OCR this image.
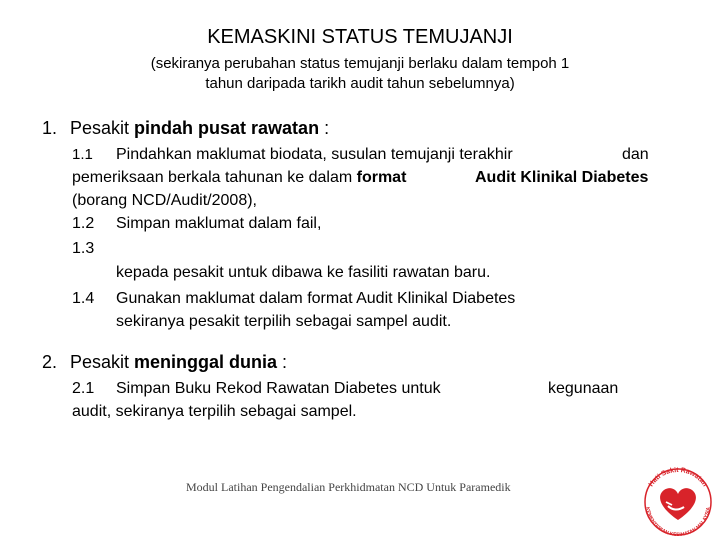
KEMASKINI STATUS TEMUJANJI
(sekiranya perubahan status temujanji berlaku dalam tempoh 1
tahun daripada tarikh audit tahun sebelumnya)
1. Pesakit pindah pusat rawatan :
1.1 Pindahkan maklumat biodata, susulan temujanji terakhir	dan
pemeriksaan berkala tahunan ke dalam format	Audit Klinikal Diabetes
(borang NCD/Audit/2008),
1.2 Simpan maklumat dalam fail,
1.3
kepada pesakit untuk dibawa ke fasiliti rawatan baru.
1.4 Gunakan maklumat dalam format Audit Klinikal Diabetes
sekiranya pesakit terpilih sebagai sampel audit.
2. Pesakit meninggal dunia :
2.1 Simpan Buku Rekod Rawatan Diabetes untuk	kegunaan
audit, sekiranya terpilih sebagai sampel.
Modul Latihan Pengendalian Perkhidmatan NCD Untuk Paramedik	Hati Sakit Rawatan
KEMENTERIAN KESIHATAN MALAYSIA
